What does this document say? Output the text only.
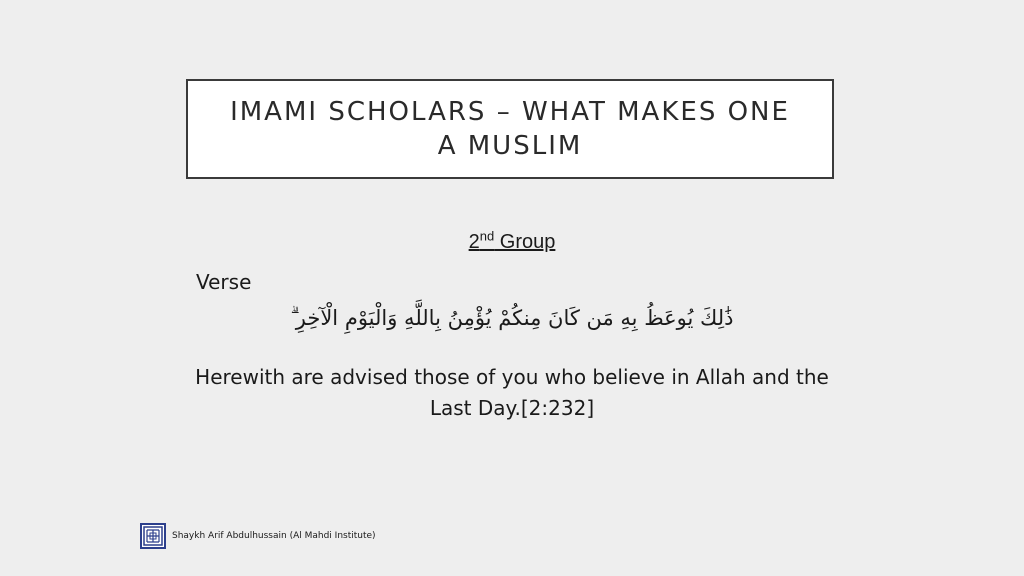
IMAMI SCHOLARS – WHAT MAKES ONE A MUSLIM
2nd Group
Verse
ذَٰلِكَ يُوعَظُ بِهِ مَن كَانَ مِنكُمْ يُؤْمِنُ بِاللَّهِ وَالْيَوْمِ الْآخِرِ ۗ
Herewith are advised those of you who believe in Allah and the Last Day.[2:232]
Shaykh Arif Abdulhussain (Al Mahdi Institute)
